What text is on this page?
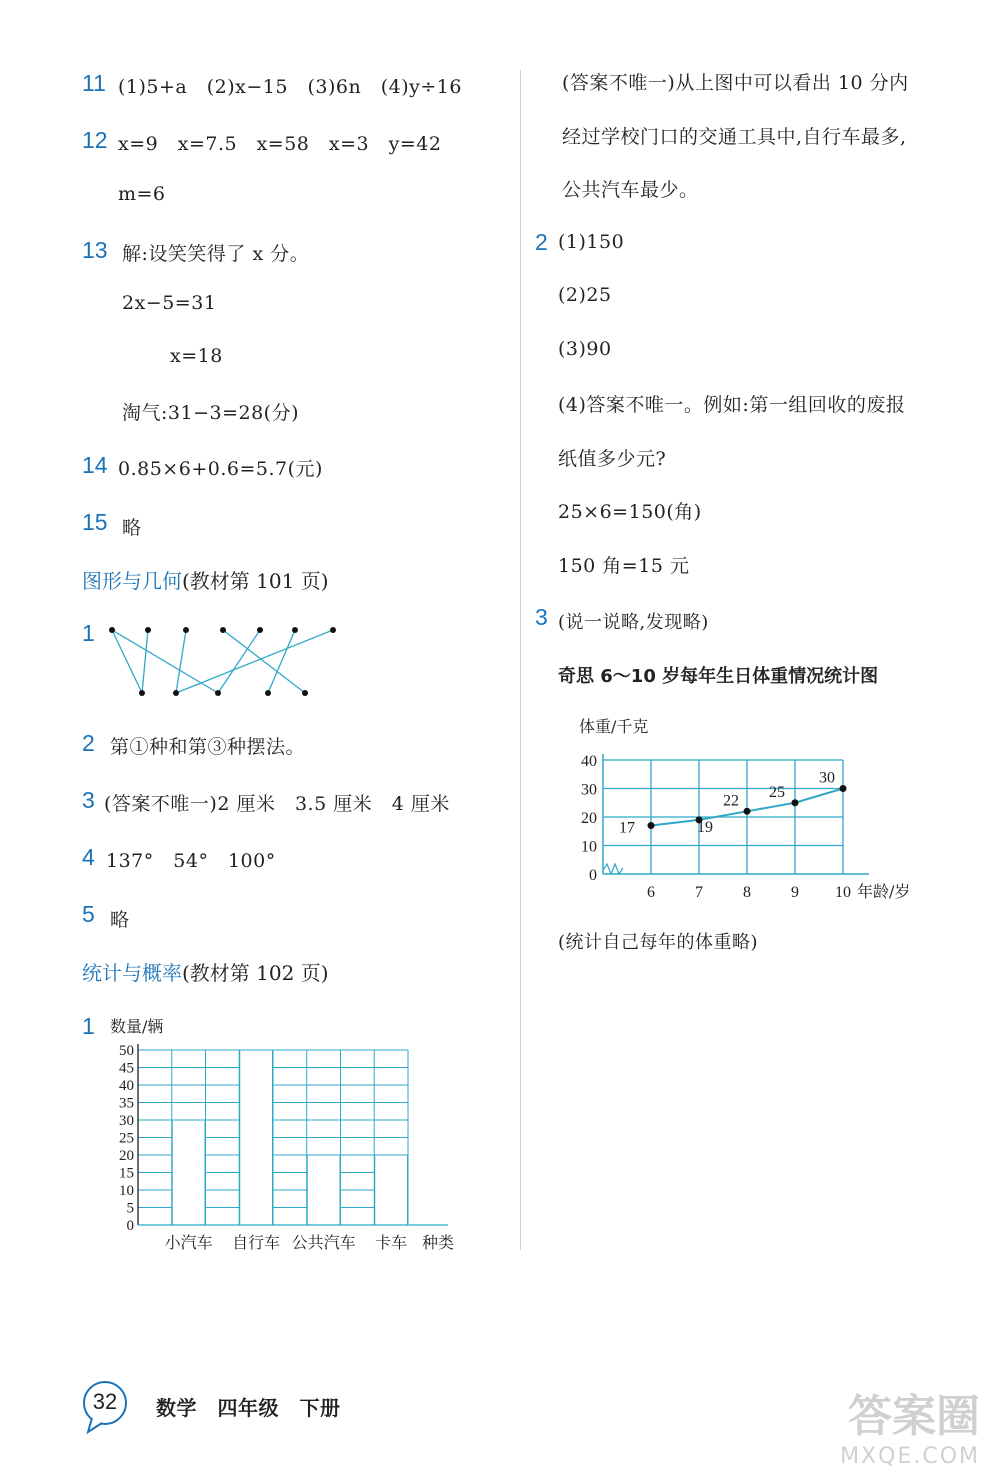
11 (1)5+a　(2)x−15　(3)6n　(4)y÷16
12 x=9　x=7.5　x=58　x=3　y=42
m=6
13 解:设笑笑得了 x 分。
2x−5=31
x=18
淘气:31−3=28(分)
14 0.85×6+0.6=5.7(元)
15 略
图形与几何(教材第 101 页)
1
2 第①种和第③种摆法。
3 (答案不唯一)2 厘米　3.5 厘米　4 厘米
4 137°　54°　100°
5 略
统计与概率(教材第 102 页)
1
0
5
10
15
20
25
30
35
40
45
50
小汽车 自行车 公共汽车 卡车
数量/辆
种类
(答案不唯一)从上图中可以看出 10 分内
经过学校门口的交通工具中,自行车最多,
公共汽车最少。
2 (1)150
(2)25
(3)90
(4)答案不唯一。例如:第一组回收的废报
纸值多少元?
25×6=150(角)
150 角=15 元
3 (说一说略,发现略)
奇思 6～10 岁每年生日体重情况统计图
0
10
20
30
40
6	7	8	9 10
体重/千克
年龄/岁
17	19
22
25
30
(统计自己每年的体重略)
32	数学　四年级　下册	答案圈
MXQE.COM
